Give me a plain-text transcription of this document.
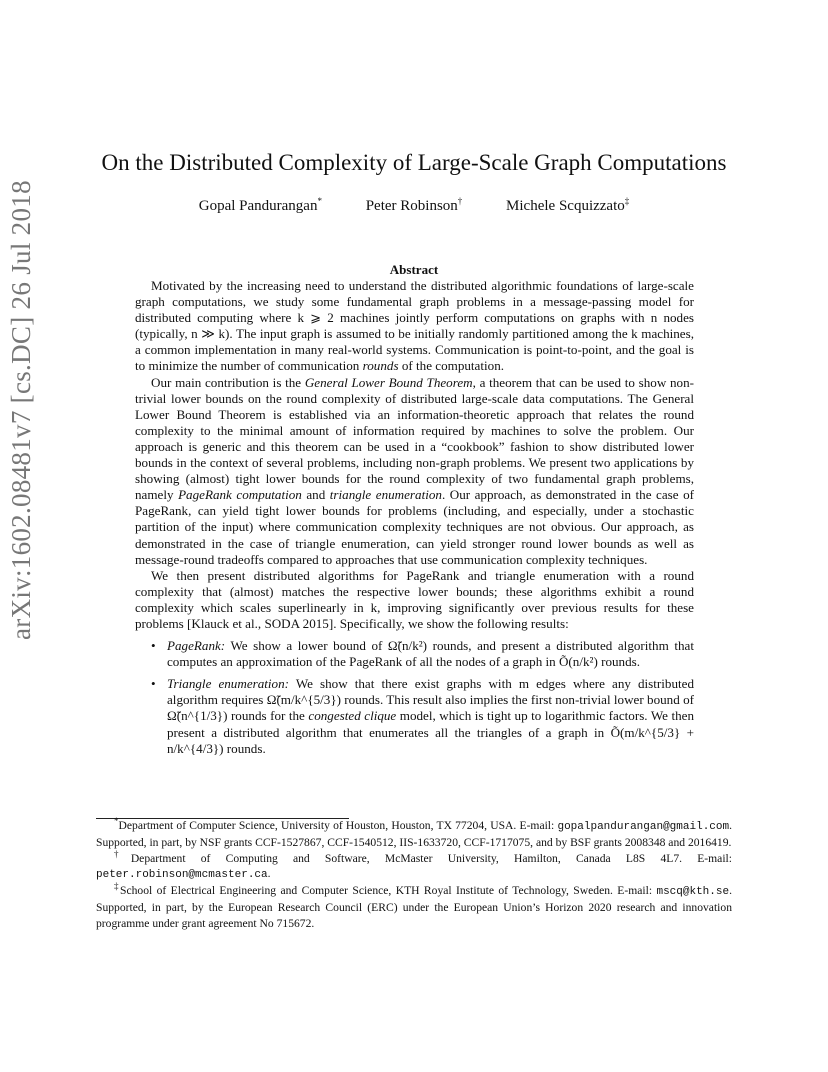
arXiv:1602.08481v7 [cs.DC] 26 Jul 2018
On the Distributed Complexity of Large-Scale Graph Computations
Gopal Pandurangan*	Peter Robinson†	Michele Scquizzato‡
Abstract

Motivated by the increasing need to understand the distributed algorithmic foundations of large-scale graph computations, we study some fundamental graph problems in a message-passing model for distributed computing where k ⩾ 2 machines jointly perform computations on graphs with n nodes (typically, n ≫ k). The input graph is assumed to be initially randomly partitioned among the k machines, a common implementation in many real-world systems. Communication is point-to-point, and the goal is to minimize the number of communication rounds of the computation.

Our main contribution is the General Lower Bound Theorem, a theorem that can be used to show non-trivial lower bounds on the round complexity of distributed large-scale data computations. The General Lower Bound Theorem is established via an information-theoretic approach that relates the round complexity to the minimal amount of information required by machines to solve the problem. Our approach is generic and this theorem can be used in a “cookbook” fashion to show distributed lower bounds in the context of several problems, including non-graph problems. We present two applications by showing (almost) tight lower bounds for the round complexity of two fundamental graph problems, namely PageRank computation and triangle enumeration. Our approach, as demonstrated in the case of PageRank, can yield tight lower bounds for problems (including, and especially, under a stochastic partition of the input) where communication complexity techniques are not obvious. Our approach, as demonstrated in the case of triangle enumeration, can yield stronger round lower bounds as well as message-round tradeoffs compared to approaches that use communication complexity techniques.

We then present distributed algorithms for PageRank and triangle enumeration with a round complexity that (almost) matches the respective lower bounds; these algorithms exhibit a round complexity which scales superlinearly in k, improving significantly over previous results for these problems [Klauck et al., SODA 2015]. Specifically, we show the following results:

• PageRank: We show a lower bound of Ω̃(n/k²) rounds, and present a distributed algorithm that computes an approximation of the PageRank of all the nodes of a graph in Õ(n/k²) rounds.
• Triangle enumeration: We show that there exist graphs with m edges where any distributed algorithm requires Ω̃(m/k^{5/3}) rounds. This result also implies the first non-trivial lower bound of Ω̃(n^{1/3}) rounds for the congested clique model, which is tight up to logarithmic factors. We then present a distributed algorithm that enumerates all the triangles of a graph in Õ(m/k^{5/3} + n/k^{4/3}) rounds.

*Department of Computer Science, University of Houston, Houston, TX 77204, USA. E-mail: gopalpandurangan@gmail.com. Supported, in part, by NSF grants CCF-1527867, CCF-1540512, IIS-1633720, CCF-1717075, and by BSF grants 2008348 and 2016419.

†Department of Computing and Software, McMaster University, Hamilton, Canada L8S 4L7. E-mail: peter.robinson@mcmaster.ca.

‡School of Electrical Engineering and Computer Science, KTH Royal Institute of Technology, Sweden. E-mail: mscq@kth.se. Supported, in part, by the European Research Council (ERC) under the European Union’s Horizon 2020 research and innovation programme under grant agreement No 715672.
